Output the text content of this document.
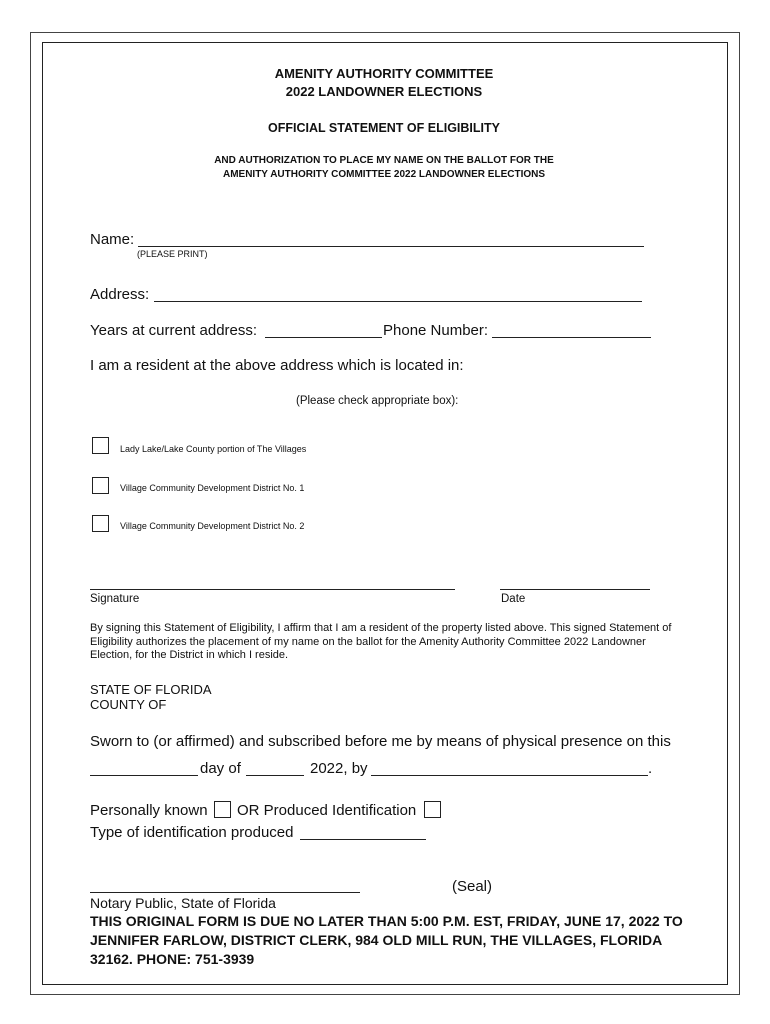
AMENITY AUTHORITY COMMITTEE
2022 LANDOWNER ELECTIONS
OFFICIAL STATEMENT OF ELIGIBILITY
AND AUTHORIZATION TO PLACE MY NAME ON THE BALLOT FOR THE
AMENITY AUTHORITY COMMITTEE 2022 LANDOWNER ELECTIONS
Name:
(PLEASE PRINT)
Address:
Years at current address:	Phone Number:
I am a resident at the above address which is located in:
(Please check appropriate box):
Lady Lake/Lake County portion of The Villages
Village Community Development District No. 1
Village Community Development District No. 2
Signature	Date
By signing this Statement of Eligibility, I affirm that I am a resident of the property listed above. This signed Statement of Eligibility authorizes the placement of my name on the ballot for the Amenity Authority Committee 2022 Landowner Election, for the District in which I reside.
STATE OF FLORIDA
COUNTY OF
Sworn to (or affirmed) and subscribed before me by means of physical presence on this
day of	2022, by	.
Personally known OR Produced Identification
Type of identification produced
(Seal)
Notary Public, State of Florida
THIS ORIGINAL FORM IS DUE NO LATER THAN 5:00 P.M. EST, FRIDAY, JUNE 17, 2022 TO JENNIFER FARLOW, DISTRICT CLERK, 984 OLD MILL RUN, THE VILLAGES, FLORIDA 32162. PHONE: 751-3939
